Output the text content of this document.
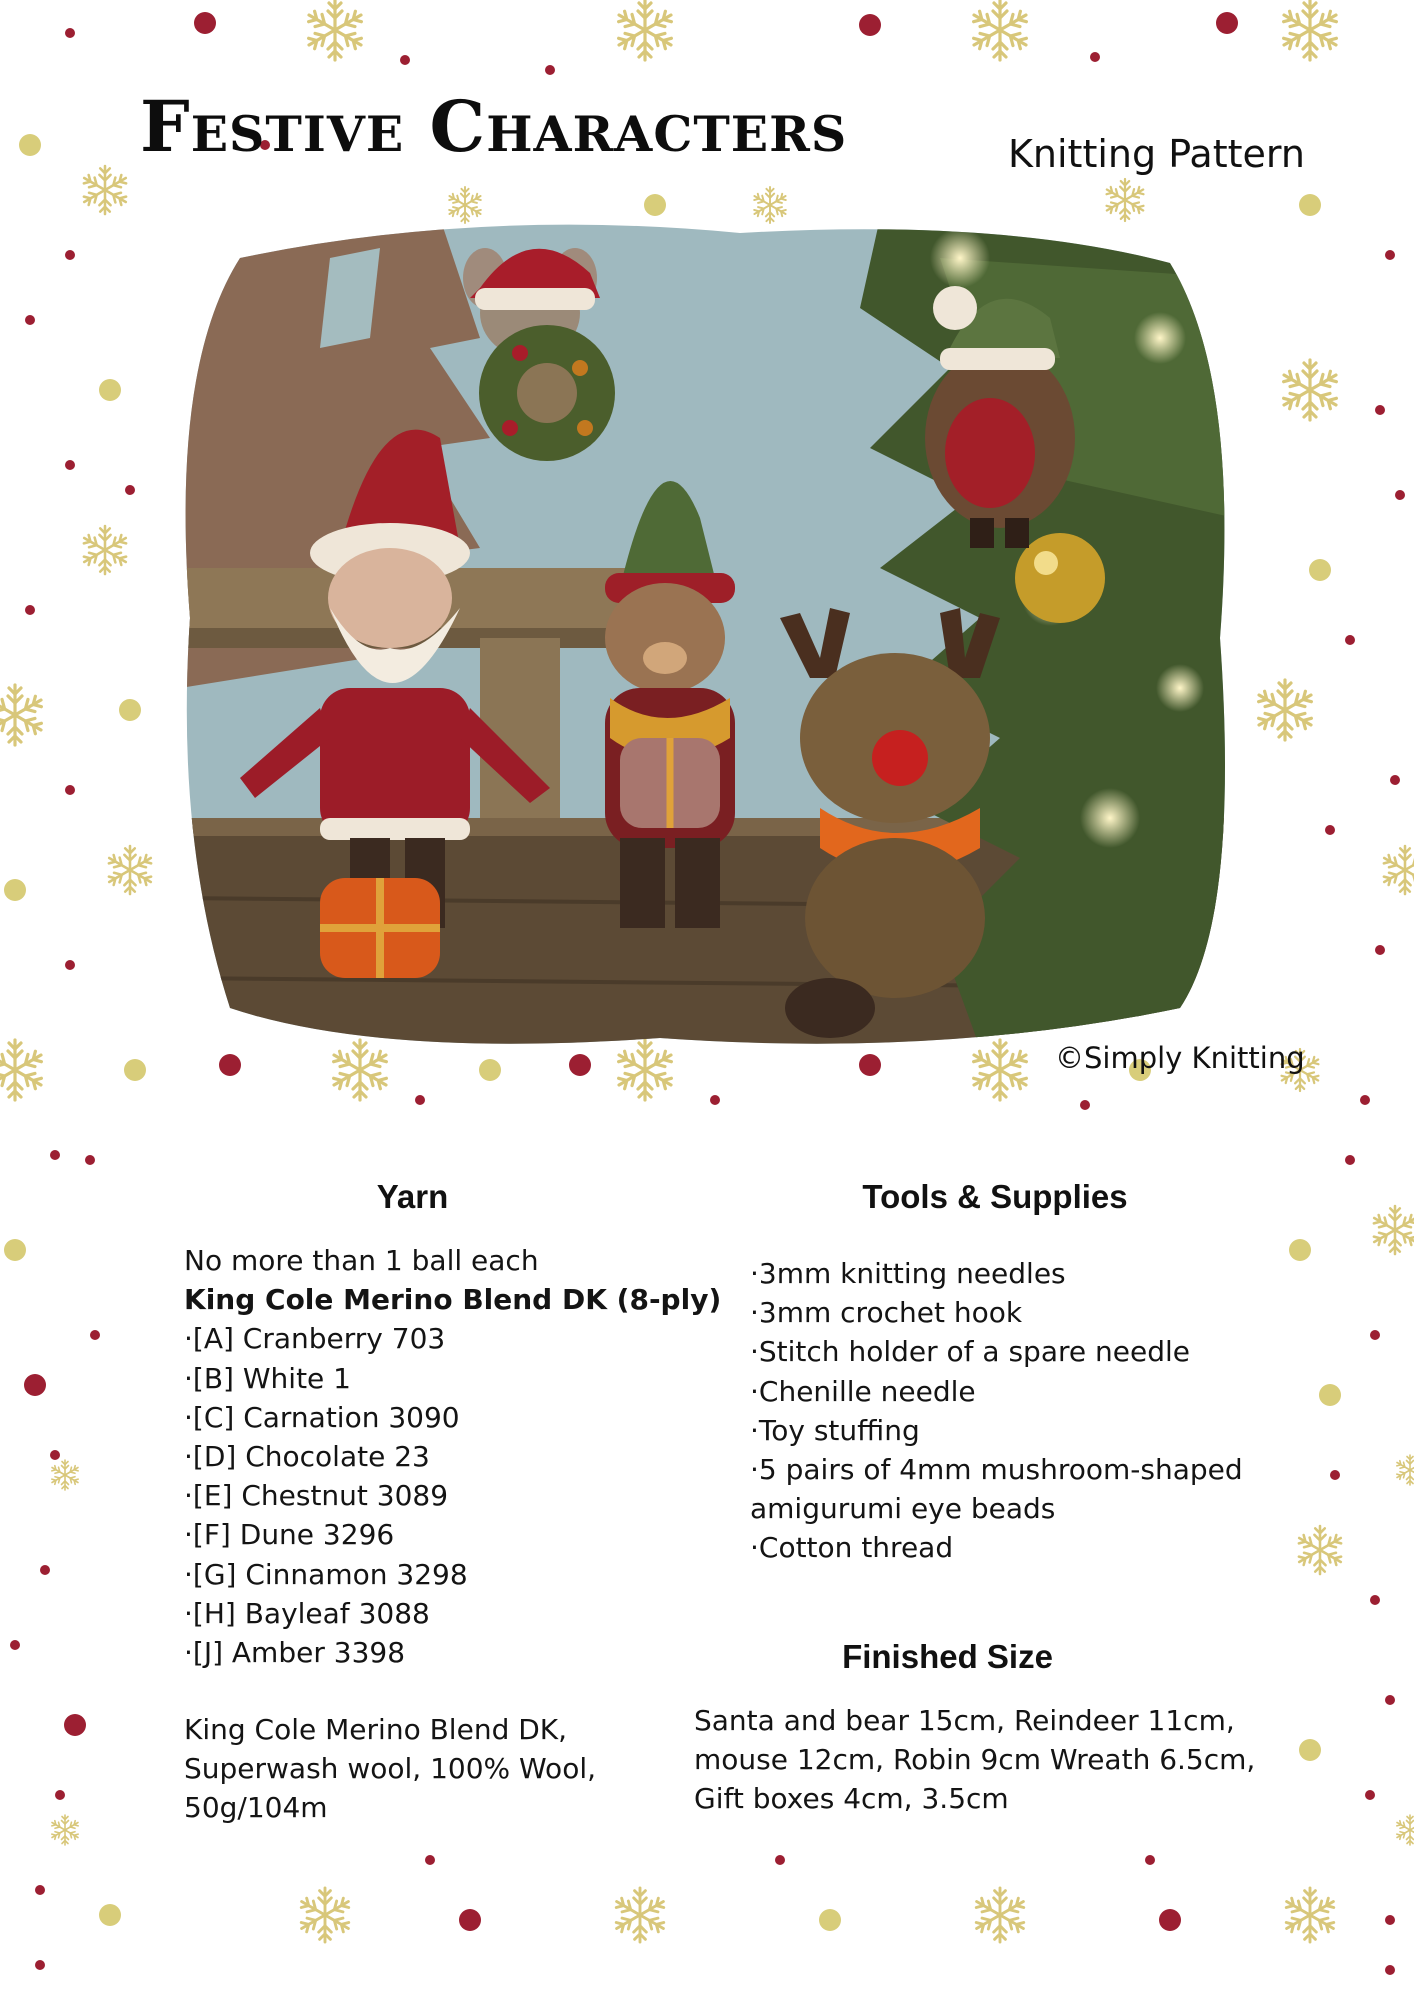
Festive Characters	Knitting Pattern
©Simply Knitting
Yarn
No more than 1 ball each
King Cole Merino Blend DK (8-ply)
·[A] Cranberry 703
·[B] White 1
·[C] Carnation 3090
·[D] Chocolate 23
·[E] Chestnut 3089
·[F] Dune 3296
·[G] Cinnamon 3298
·[H] Bayleaf 3088
·[J] Amber 3398
King Cole Merino Blend DK,
Superwash wool, 100% Wool,
50g/104m
Tools & Supplies
·3mm knitting needles
·3mm crochet hook
·Stitch holder of a spare needle
·Chenille needle
·Toy stuffing
·5 pairs of 4mm mushroom-shaped
amigurumi eye beads
·Cotton thread
Finished Size
Santa and bear 15cm, Reindeer 11cm,
mouse 12cm, Robin 9cm Wreath 6.5cm,
Gift boxes 4cm, 3.5cm
